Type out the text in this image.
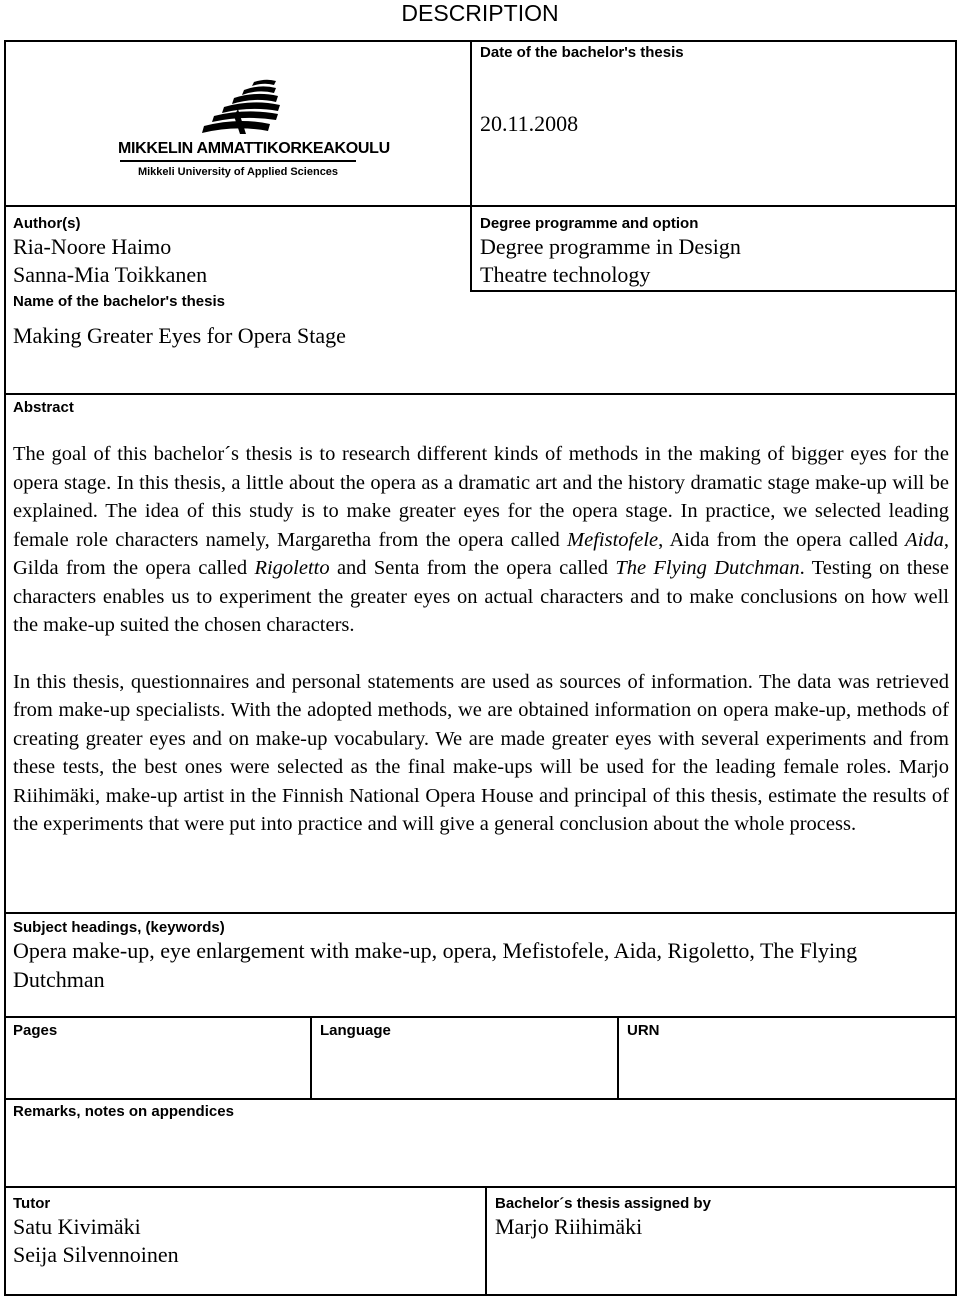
DESCRIPTION
MIKKELIN AMMATTIKORKEAKOULU
Mikkeli University of Applied Sciences
Date of the bachelor's thesis
20.11.2008
Author(s)
Ria-Noore Haimo
Sanna-Mia Toikkanen
Degree programme and option
Degree programme in Design
Theatre technology
Name of the bachelor's thesis
Making Greater Eyes for Opera Stage
Abstract

The goal of this bachelor´s thesis is to research different kinds of methods in the making of bigger eyes for the opera stage. In this thesis, a little about the opera as a dramatic art and the history dramatic stage make-up will be explained. The idea of this study is to make greater eyes for the opera stage. In practice, we selected leading female role characters namely, Margaretha from the opera called Mefistofele, Aida from the opera called Aida, Gilda from the opera called Rigoletto and Senta from the opera called The Flying Dutchman. Testing on these characters enables us to experiment the greater eyes on actual characters and to make conclusions on how well the make-up suited the chosen characters.

In this thesis, questionnaires and personal statements are used as sources of information. The data was retrieved from make-up specialists. With the adopted methods, we are obtained information on opera make-up, methods of creating greater eyes and on make-up vocabulary. We are made greater eyes with several experiments and from these tests, the best ones were selected as the final make-ups will be used for the leading female roles. Marjo Riihimäki, make-up artist in the Finnish National Opera House and principal of this thesis, estimate the results of the experiments that were put into practice and will give a general conclusion about the whole process.

Subject headings, (keywords)
Opera make-up, eye enlargement with make-up, opera, Mefistofele, Aida, Rigoletto, The Flying Dutchman
Pages	Language	URN
Remarks, notes on appendices
Tutor
Satu Kivimäki
Seija Silvennoinen
Bachelor´s thesis assigned by
Marjo Riihimäki
